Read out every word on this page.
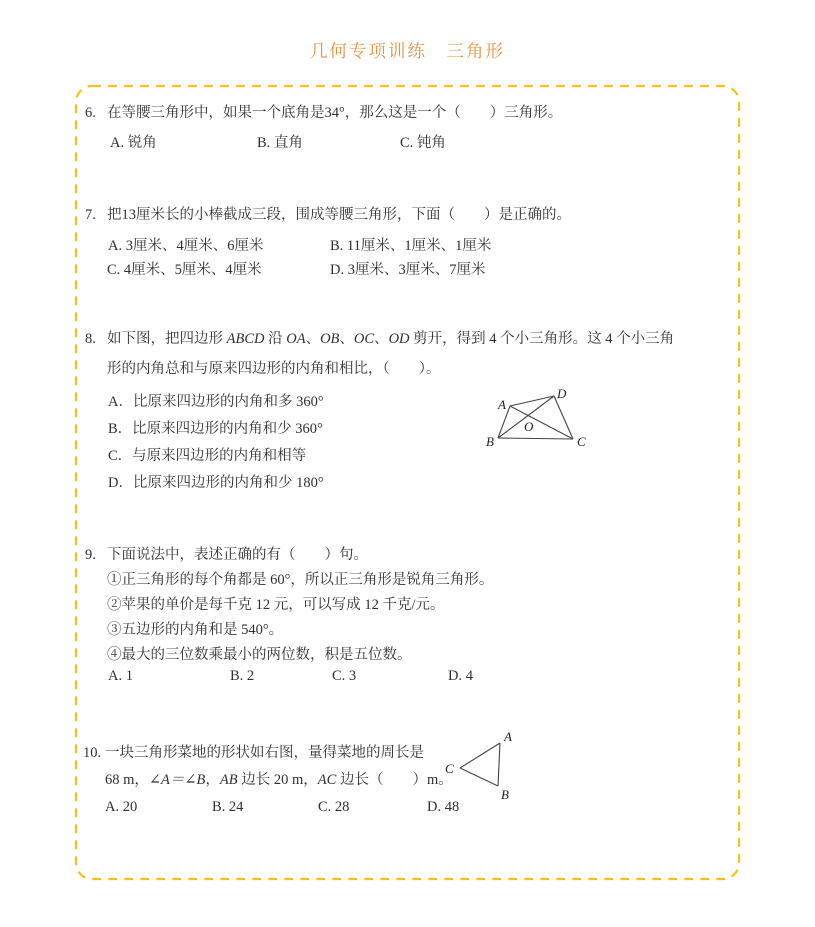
几何专项训练　三角形
6. 在等腰三角形中，如果一个底角是34°，那么这是一个（　　）三角形。
A. 锐角	B. 直角	C. 钝角
7. 把13厘米长的小棒截成三段，围成等腰三角形，下面（　　）是正确的。
A. 3厘米、4厘米、6厘米	B. 11厘米、1厘米、1厘米
C. 4厘米、5厘米、4厘米	D. 3厘米、3厘米、7厘米
8. 如下图，把四边形 ABCD 沿 OA、OB、OC、OD 剪开，得到 4 个小三角形。这 4 个小三角
形的内角总和与原来四边形的内角和相比，（　　）。
A．比原来四边形的内角和多 360°
B．比原来四边形的内角和少 360°
C．与原来四边形的内角和相等
D．比原来四边形的内角和少 180°
A
D
B	C
O
9. 下面说法中，表述正确的有（　　）句。
①正三角形的每个角都是 60°，所以正三角形是锐角三角形。
②苹果的单价是每千克 12 元，可以写成 12 千克/元。
③五边形的内角和是 540°。
④最大的三位数乘最小的两位数，积是五位数。
A. 1	B. 2	C. 3	D. 4
10. 一块三角形菜地的形状如右图，量得菜地的周长是
68 m，∠A＝∠B，AB 边长 20 m，AC 边长（　　）m。
A. 20	B. 24	C. 28	D. 48
A
C
B
